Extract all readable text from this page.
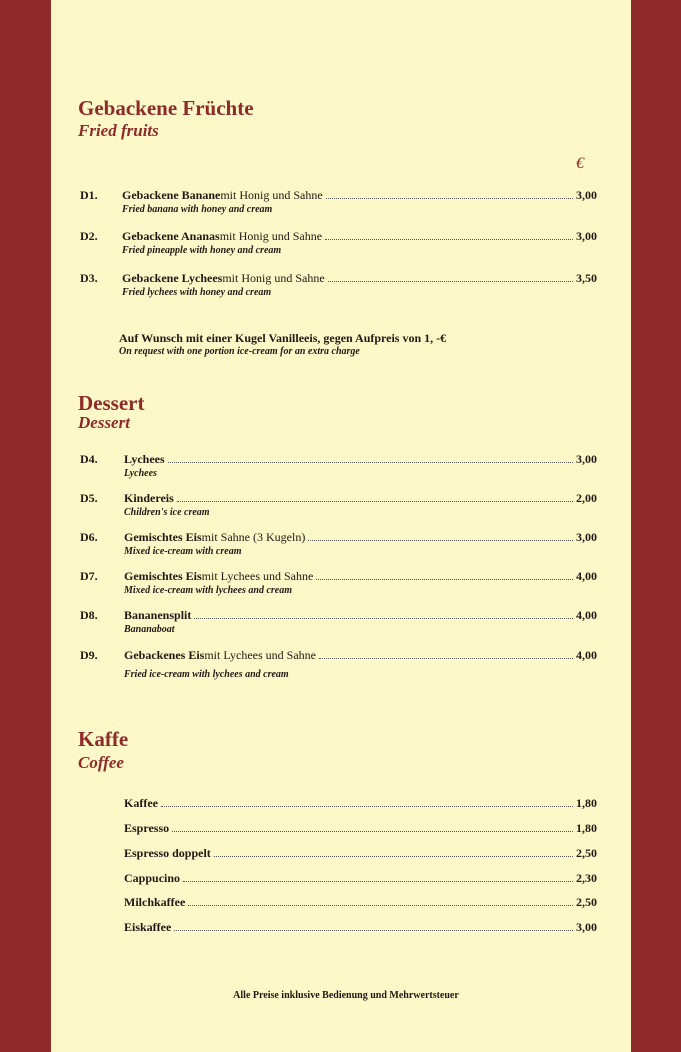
Gebackene Früchte
Fried fruits
€
D1. Gebackene Banane mit Honig und Sahne	3,00
Fried banana with honey and cream
D2. Gebackene Ananas mit Honig und Sahne	3,00
Fried pineapple with honey and cream
D3. Gebackene Lychees mit Honig und Sahne	3,50
Fried lychees with honey and cream
Auf Wunsch mit einer Kugel Vanilleeis, gegen Aufpreis von 1, -€
On request with one portion ice-cream for an extra charge
Dessert
Dessert
D4. Lychees	3,00
Lychees
D5. Kindereis	2,00
Children's ice cream
D6. Gemischtes Eis mit Sahne (3 Kugeln)	3,00
Mixed ice-cream with cream
D7. Gemischtes Eis mit Lychees und Sahne	4,00
Mixed ice-cream with lychees and cream
D8. Bananensplit	4,00
Bananaboat
D9. Gebackenes Eis mit Lychees und Sahne	4,00
Fried ice-cream with lychees and cream
Kaffe
Coffee
Kaffee	1,80
Espresso	1,80
Espresso doppelt	2,50
Cappucino	2,30
Milchkaffee	2,50
Eiskaffee	3,00
Alle Preise inklusive Bedienung und Mehrwertsteuer
